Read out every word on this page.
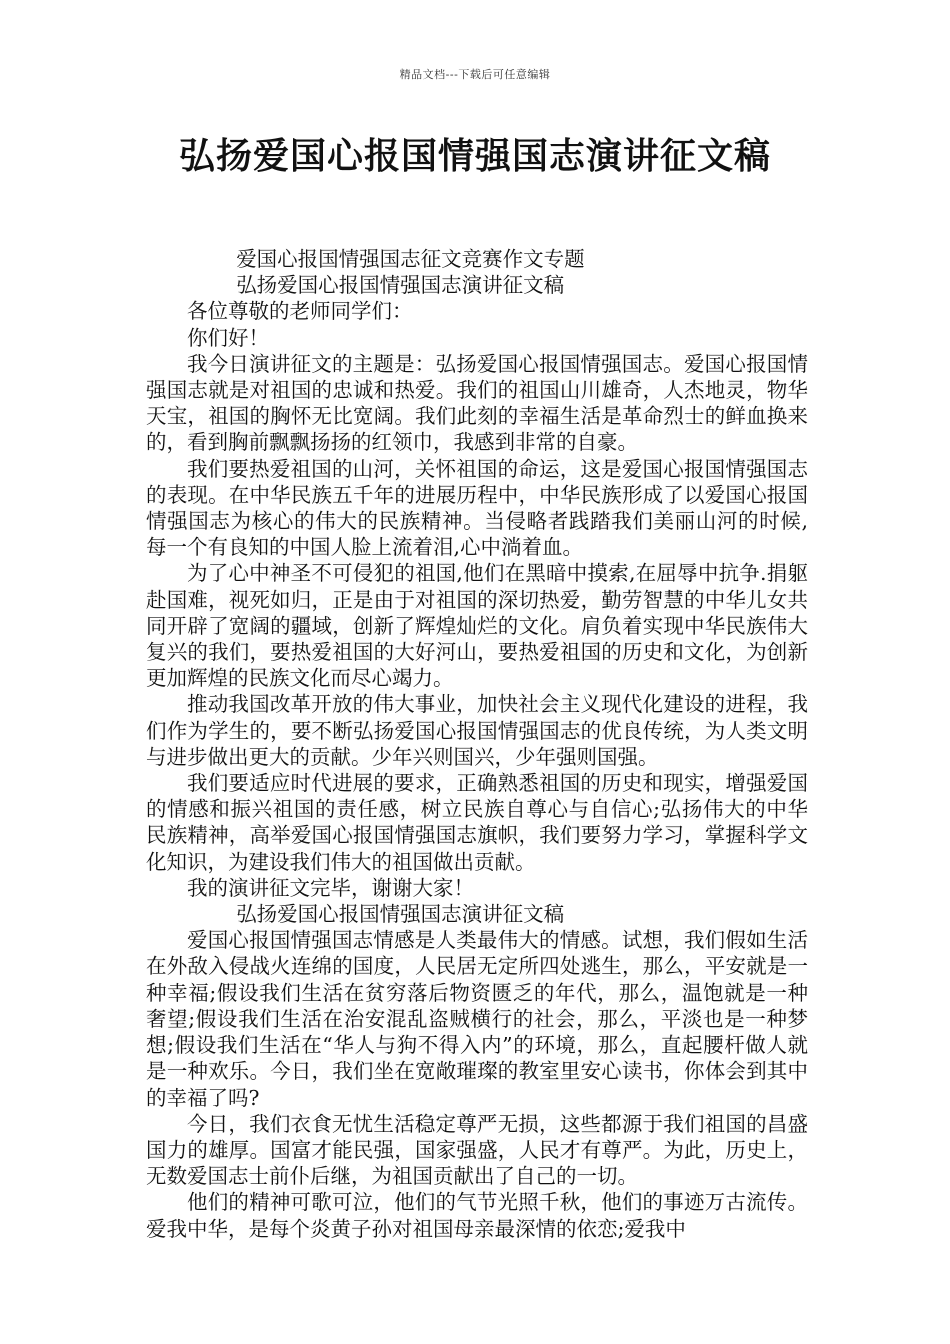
精品文档---下载后可任意编辑
弘扬爱国心报国情强国志演讲征文稿

爱国心报国情强国志征文竞赛作文专题

弘扬爱国心报国情强国志演讲征文稿

各位尊敬的老师同学们：

你们好！

我今日演讲征文的主题是：弘扬爱国心报国情强国志。爱国心报国情强国志就是对祖国的忠诚和热爱。我们的祖国山川雄奇，人杰地灵，物华天宝，祖国的胸怀无比宽阔。我们此刻的幸福生活是革命烈士的鲜血换来的，看到胸前飘飘扬扬的红领巾，我感到非常的自豪。

我们要热爱祖国的山河，关怀祖国的命运，这是爱国心报国情强国志的表现。在中华民族五千年的进展历程中，中华民族形成了以爱国心报国情强国志为核心的伟大的民族精神。当侵略者践踏我们美丽山河的时候,每一个有良知的中国人脸上流着泪,心中淌着血。

为了心中神圣不可侵犯的祖国,他们在黑暗中摸索,在屈辱中抗争.捐躯赴国难，视死如归，正是由于对祖国的深切热爱，勤劳智慧的中华儿女共同开辟了宽阔的疆域，创新了辉煌灿烂的文化。肩负着实现中华民族伟大复兴的我们，要热爱祖国的大好河山，要热爱祖国的历史和文化，为创新更加辉煌的民族文化而尽心竭力。

推动我国改革开放的伟大事业，加快社会主义现代化建设的进程，我们作为学生的，要不断弘扬爱国心报国情强国志的优良传统，为人类文明与进步做出更大的贡献。少年兴则国兴，少年强则国强。

我们要适应时代进展的要求，正确熟悉祖国的历史和现实，增强爱国的情感和振兴祖国的责任感，树立民族自尊心与自信心;弘扬伟大的中华民族精神，高举爱国心报国情强国志旗帜，我们要努力学习，掌握科学文化知识，为建设我们伟大的祖国做出贡献。

我的演讲征文完毕，谢谢大家！

弘扬爱国心报国情强国志演讲征文稿

爱国心报国情强国志情感是人类最伟大的情感。试想，我们假如生活在外敌入侵战火连绵的国度，人民居无定所四处逃生，那么，平安就是一种幸福;假设我们生活在贫穷落后物资匮乏的年代，那么，温饱就是一种奢望;假设我们生活在治安混乱盗贼横行的社会，那么，平淡也是一种梦想;假设我们生活在“华人与狗不得入内”的环境，那么，直起腰杆做人就是一种欢乐。今日，我们坐在宽敞璀璨的教室里安心读书，你体会到其中的幸福了吗?

今日，我们衣食无忧生活稳定尊严无损，这些都源于我们祖国的昌盛国力的雄厚。国富才能民强，国家强盛，人民才有尊严。为此，历史上，无数爱国志士前仆后继，为祖国贡献出了自己的一切。

他们的精神可歌可泣，他们的气节光照千秋，他们的事迹万古流传。爱我中华，是每个炎黄子孙对祖国母亲最深情的依恋;爱我中
